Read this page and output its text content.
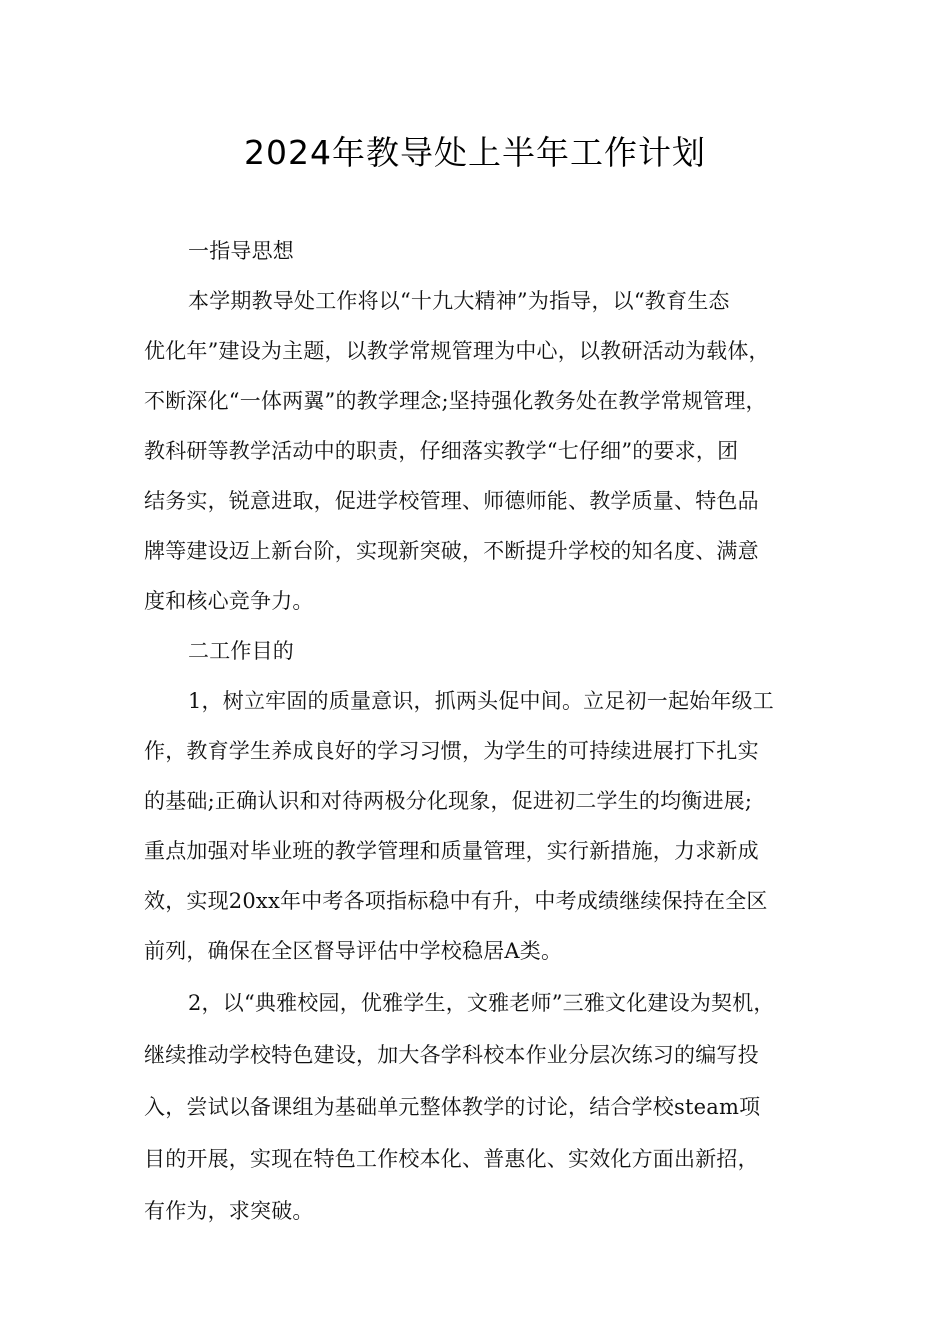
2024年教导处上半年工作计划
一指导思想
本学期教导处工作将以“十九大精神”为指导，以“教育生态
优化年”建设为主题，以教学常规管理为中心，以教研活动为载体，
不断深化“一体两翼”的教学理念;坚持强化教务处在教学常规管理，
教科研等教学活动中的职责，仔细落实教学“七仔细”的要求，团
结务实，锐意进取，促进学校管理、师德师能、教学质量、特色品
牌等建设迈上新台阶，实现新突破，不断提升学校的知名度、满意
度和核心竞争力。
二工作目的
1，树立牢固的质量意识，抓两头促中间。立足初一起始年级工
作，教育学生养成良好的学习习惯，为学生的可持续进展打下扎实
的基础;正确认识和对待两极分化现象，促进初二学生的均衡进展;
重点加强对毕业班的教学管理和质量管理，实行新措施，力求新成
效，实现20xx年中考各项指标稳中有升，中考成绩继续保持在全区
前列，确保在全区督导评估中学校稳居A类。
2，以“典雅校园，优雅学生，文雅老师”三雅文化建设为契机，
继续推动学校特色建设，加大各学科校本作业分层次练习的编写投
入，尝试以备课组为基础单元整体教学的讨论，结合学校steam项
目的开展，实现在特色工作校本化、普惠化、实效化方面出新招，
有作为，求突破。
